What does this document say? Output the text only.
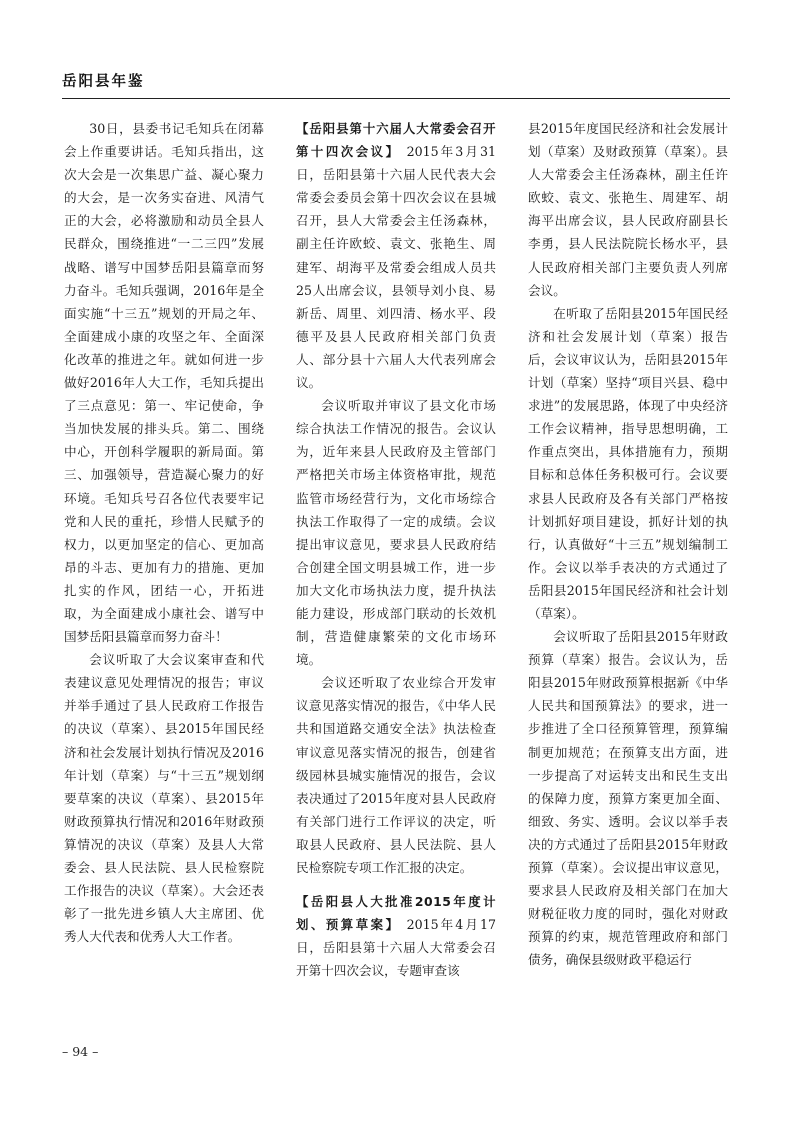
岳阳县年鉴

30日，县委书记毛知兵在闭幕会上作重要讲话。毛知兵指出，这次大会是一次集思广益、凝心聚力的大会，是一次务实奋进、风清气正的大会，必将激励和动员全县人民群众，围绕推进“一二三四”发展战略、谱写中国梦岳阳县篇章而努力奋斗。毛知兵强调，2016年是全面实施“十三五”规划的开局之年、全面建成小康的攻坚之年、全面深化改革的推进之年。就如何进一步做好2016年人大工作，毛知兵提出了三点意见：第一、牢记使命，争当加快发展的排头兵。第二、围绕中心，开创科学履职的新局面。第三、加强领导，营造凝心聚力的好环境。毛知兵号召各位代表要牢记党和人民的重托，珍惜人民赋予的权力，以更加坚定的信心、更加高昂的斗志、更加有力的措施、更加扎实的作风，团结一心，开拓进取，为全面建成小康社会、谱写中国梦岳阳县篇章而努力奋斗！

会议听取了大会议案审查和代表建议意见处理情况的报告；审议并举手通过了县人民政府工作报告的决议（草案）、县2015年国民经济和社会发展计划执行情况及2016年计划（草案）与“十三五”规划纲要草案的决议（草案）、县2015年财政预算执行情况和2016年财政预算情况的决议（草案）及县人大常委会、县人民法院、县人民检察院工作报告的决议（草案）。大会还表彰了一批先进乡镇人大主席团、优秀人大代表和优秀人大工作者。

【岳阳县第十六届人大常委会召开第十四次会议】 2015年3月31日，岳阳县第十六届人民代表大会常委会委员会第十四次会议在县城召开，县人大常委会主任汤森林，副主任许欧蛟、袁文、张艳生、周建军、胡海平及常委会组成人员共25人出席会议，县领导刘小良、易新岳、周里、刘四清、杨水平、段德平及县人民政府相关部门负责人、部分县十六届人大代表列席会议。

会议听取并审议了县文化市场综合执法工作情况的报告。会议认为，近年来县人民政府及主管部门严格把关市场主体资格审批，规范监管市场经营行为，文化市场综合执法工作取得了一定的成绩。会议提出审议意见，要求县人民政府结合创建全国文明县城工作，进一步加大文化市场执法力度，提升执法能力建设，形成部门联动的长效机制，营造健康繁荣的文化市场环境。

会议还听取了农业综合开发审议意见落实情况的报告，《中华人民共和国道路交通安全法》执法检查审议意见落实情况的报告，创建省级园林县城实施情况的报告，会议表决通过了2015年度对县人民政府有关部门进行工作评议的决定，听取县人民政府、县人民法院、县人民检察院专项工作汇报的决定。

【岳阳县人大批准2015年度计划、预算草案】 2015年4月17日，岳阳县第十六届人大常委会召开第十四次会议，专题审查该

县2015年度国民经济和社会发展计划（草案）及财政预算（草案）。县人大常委会主任汤森林，副主任许欧蛟、袁文、张艳生、周建军、胡海平出席会议，县人民政府副县长李勇，县人民法院院长杨水平，县人民政府相关部门主要负责人列席会议。

在听取了岳阳县2015年国民经济和社会发展计划（草案）报告后，会议审议认为，岳阳县2015年计划（草案）坚持“项目兴县、稳中求进”的发展思路，体现了中央经济工作会议精神，指导思想明确，工作重点突出，具体措施有力，预期目标和总体任务积极可行。会议要求县人民政府及各有关部门严格按计划抓好项目建设，抓好计划的执行，认真做好“十三五”规划编制工作。会议以举手表决的方式通过了岳阳县2015年国民经济和社会计划（草案）。

会议听取了岳阳县2015年财政预算（草案）报告。会议认为，岳阳县2015年财政预算根据新《中华人民共和国预算法》的要求，进一步推进了全口径预算管理，预算编制更加规范；在预算支出方面，进一步提高了对运转支出和民生支出的保障力度，预算方案更加全面、细致、务实、透明。会议以举手表决的方式通过了岳阳县2015年财政预算（草案）。会议提出审议意见，要求县人民政府及相关部门在加大财税征收力度的同时，强化对财政预算的约束，规范管理政府和部门债务，确保县级财政平稳运行

– 94 –
